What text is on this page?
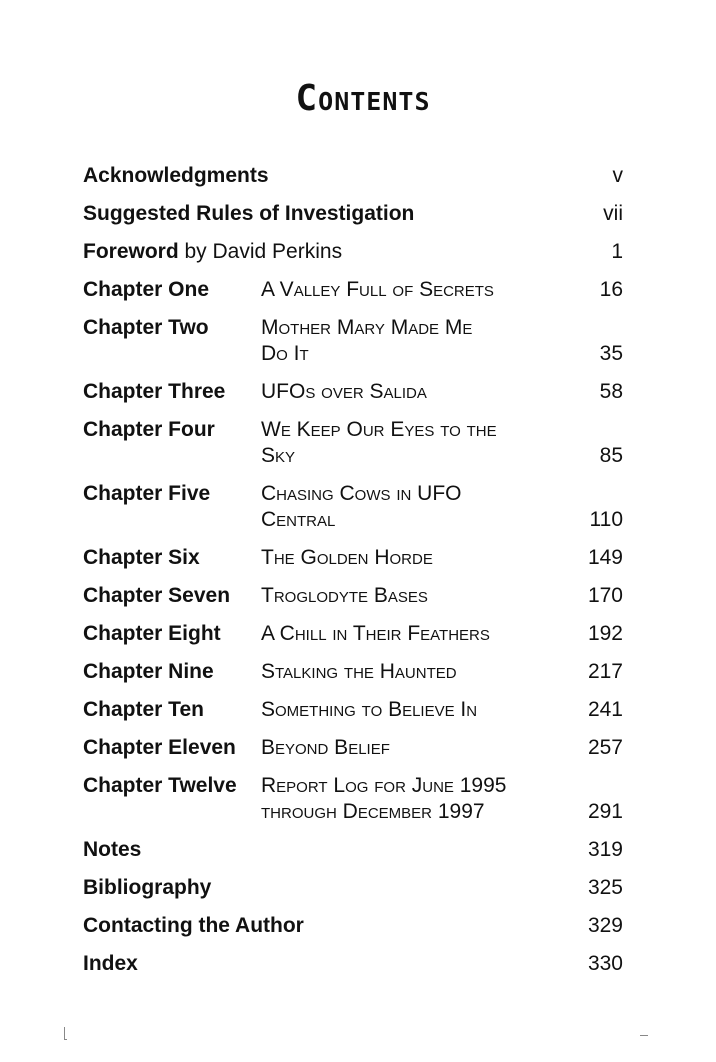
Contents
Acknowledgments	v
Suggested Rules of Investigation	vii
Foreword by David Perkins	1
Chapter One	A Valley Full of Secrets	16
Chapter Two	Mother Mary Made Me
Do It	35
Chapter Three	UFOs over Salida	58
Chapter Four	We Keep Our Eyes to the
Sky	85
Chapter Five	Chasing Cows in UFO
Central	110
Chapter Six	The Golden Horde	149
Chapter Seven	Troglodyte Bases	170
Chapter Eight	A Chill in Their Feathers	192
Chapter Nine	Stalking the Haunted	217
Chapter Ten	Something to Believe In	241
Chapter Eleven	Beyond Belief	257
Chapter Twelve	Report Log for June 1995
through December 1997	291
Notes	319
Bibliography	325
Contacting the Author	329
Index	330
